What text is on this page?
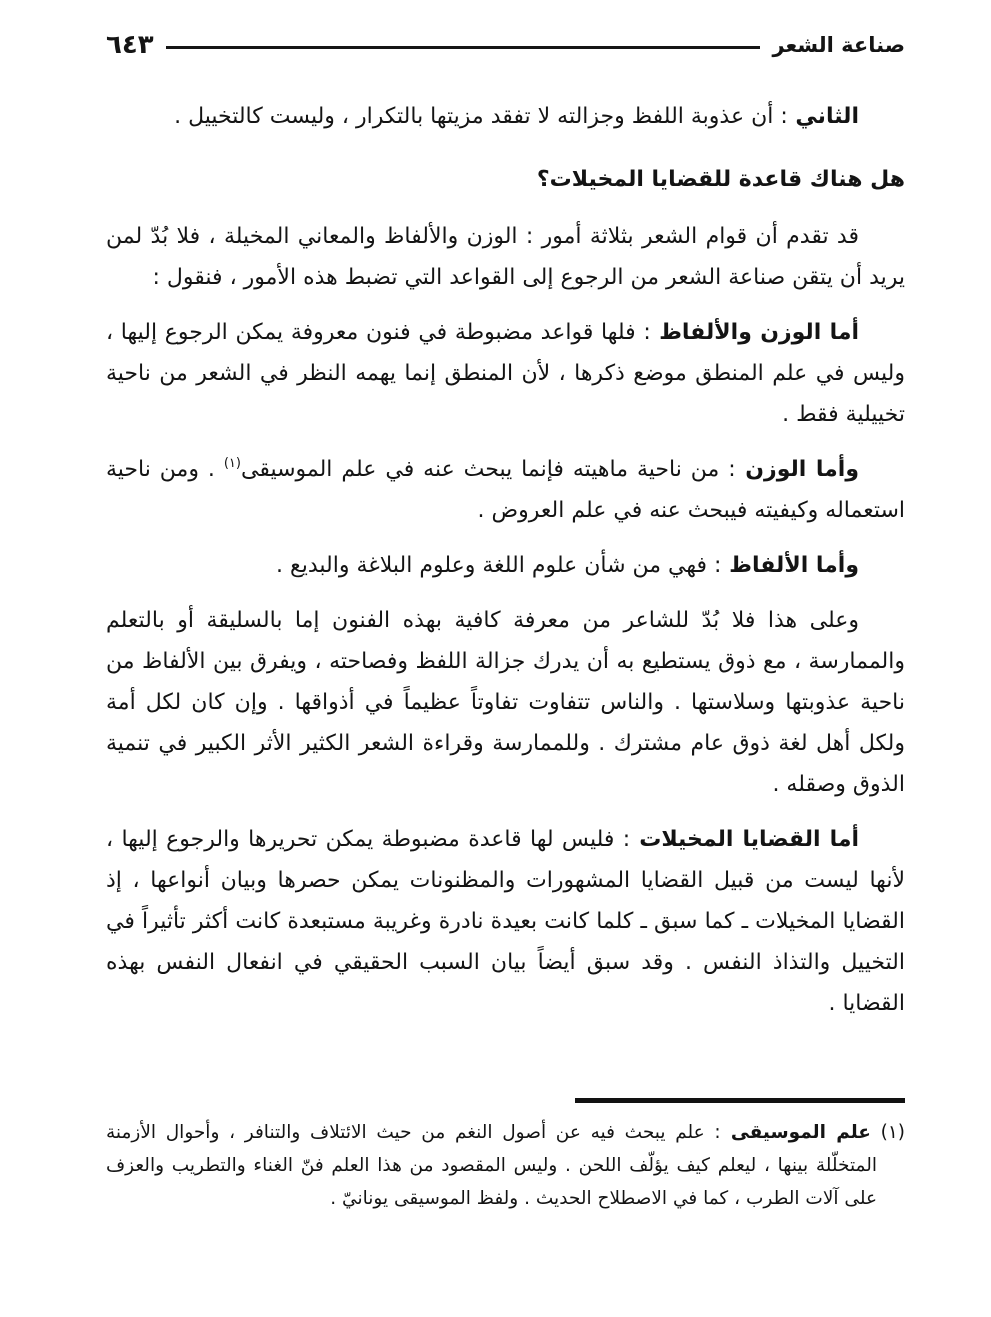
صناعة الشعر
٦٤٣

الثاني : أن عذوبة اللفظ وجزالته لا تفقد مزيتها بالتكرار ، وليست كالتخييل .

هل هناك قاعدة للقضايا المخيلات؟

قد تقدم أن قوام الشعر بثلاثة أمور : الوزن والألفاظ والمعاني المخيلة ، فلا بُدّ لمن يريد أن يتقن صناعة الشعر من الرجوع إلى القواعد التي تضبط هذه الأمور ، فنقول :

أما الوزن والألفاظ : فلها قواعد مضبوطة في فنون معروفة يمكن الرجوع إليها ، وليس في علم المنطق موضع ذكرها ، لأن المنطق إنما يهمه النظر في الشعر من ناحية تخييلية فقط .

وأما الوزن : من ناحية ماهيته فإنما يبحث عنه في علم الموسيقى$^{(١)}$ . ومن ناحية استعماله وكيفيته فيبحث عنه في علم العروض .

وأما الألفاظ : فهي من شأن علوم اللغة وعلوم البلاغة والبديع .

وعلى هذا فلا بُدّ للشاعر من معرفة كافية بهذه الفنون إما بالسليقة أو بالتعلم والممارسة ، مع ذوق يستطيع به أن يدرك جزالة اللفظ وفصاحته ، ويفرق بين الألفاظ من ناحية عذوبتها وسلاستها . والناس تتفاوت تفاوتاً عظيماً في أذواقها . وإن كان لكل أمة ولكل أهل لغة ذوق عام مشترك . وللممارسة وقراءة الشعر الكثير الأثر الكبير في تنمية الذوق وصقله .

أما القضايا المخيلات : فليس لها قاعدة مضبوطة يمكن تحريرها والرجوع إليها ، لأنها ليست من قبيل القضايا المشهورات والمظنونات يمكن حصرها وبيان أنواعها ، إذ القضايا المخيلات ـ كما سبق ـ كلما كانت بعيدة نادرة وغريبة مستبعدة كانت أكثر تأثيراً في التخييل والتذاذ النفس . وقد سبق أيضاً بيان السبب الحقيقي في انفعال النفس بهذه القضايا .

(١) علم الموسيقى : علم يبحث فيه عن أصول النغم من حيث الائتلاف والتنافر ، وأحوال الأزمنة المتخلّلة بينها ، ليعلم كيف يؤلّف اللحن . وليس المقصود من هذا العلم فنّ الغناء والتطريب والعزف على آلات الطرب ، كما في الاصطلاح الحديث . ولفظ الموسيقى يونانيّ .
